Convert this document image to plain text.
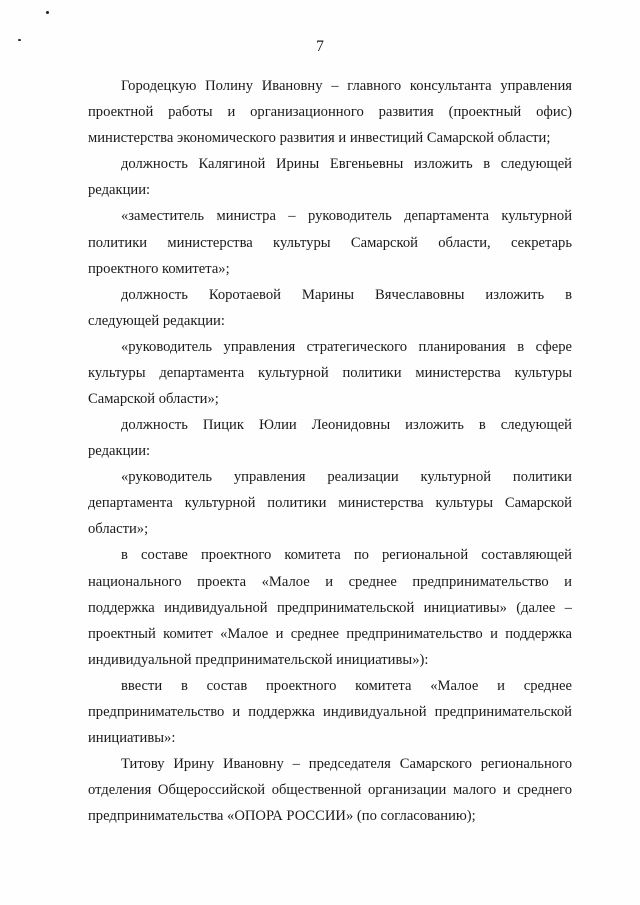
7
Городецкую Полину Ивановну – главного консультанта управления
проектной работы и организационного развития (проектный офис)
министерства экономического развития и инвестиций Самарской области;
должность Калягиной Ирины Евгеньевны изложить в следующей
редакции:
«заместитель министра – руководитель департамента культурной
политики министерства культуры Самарской области, секретарь
проектного комитета»;
должность Коротаевой Марины Вячеславовны изложить в
следующей редакции:
«руководитель управления стратегического планирования в сфере
культуры департамента культурной политики министерства культуры
Самарской области»;
должность Пицик Юлии Леонидовны изложить в следующей
редакции:
«руководитель управления реализации культурной политики
департамента культурной политики министерства культуры Самарской
области»;
в составе проектного комитета по региональной составляющей
национального проекта «Малое и среднее предпринимательство и
поддержка индивидуальной предпринимательской инициативы» (далее –
проектный комитет «Малое и среднее предпринимательство и поддержка
индивидуальной предпринимательской инициативы»):
ввести в состав проектного комитета «Малое и среднее
предпринимательство и поддержка индивидуальной предпринимательской
инициативы»:
Титову Ирину Ивановну – председателя Самарского регионального
отделения Общероссийской общественной организации малого и среднего
предпринимательства «ОПОРА РОССИИ» (по согласованию);
